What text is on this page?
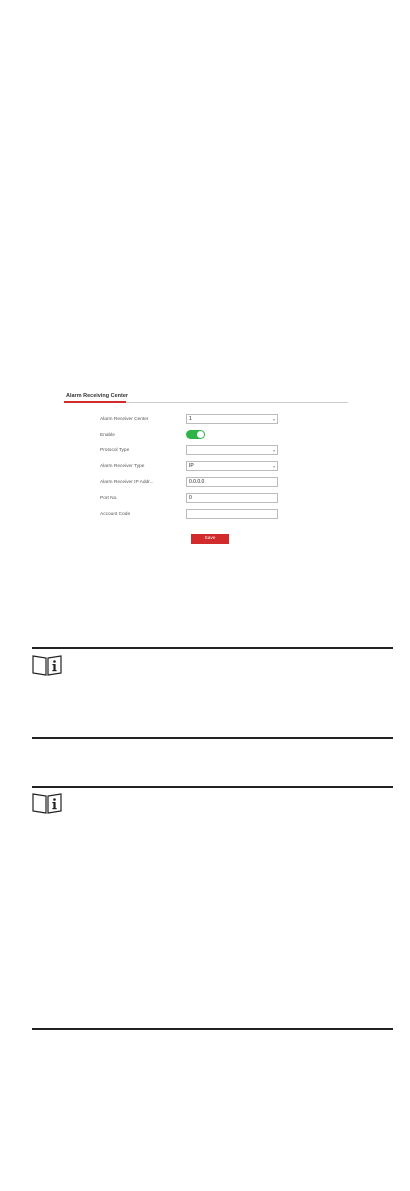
Alarm Receiving Center
Alarm Receiver Center	1	▾
Enable
Protocol Type	▾
Alarm Receiver Type	IP	▾
Alarm Receiver IP Addr...	0.0.0.0
Port No.	0
Account Code
Save
